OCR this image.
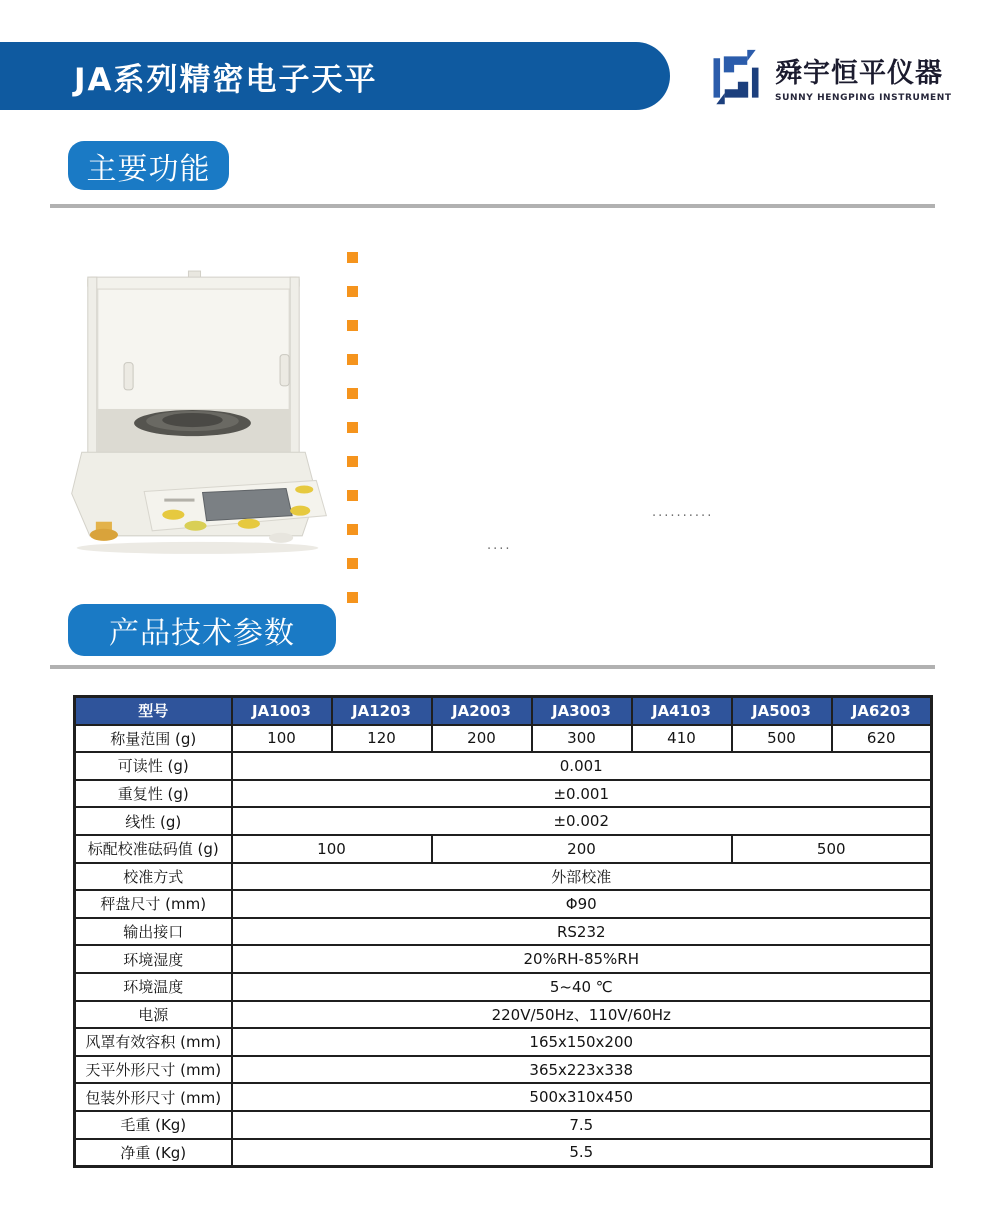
JA系列精密电子天平	舜宇恒平仪器
SUNNY HENGPING INSTRUMENT
主要功能
··········
····
产品技术参数
型号	JA1003	JA1203	JA2003	JA3003	JA4103	JA5003	JA6203
称量范围 (g)	100	120	200	300	410	500	620
可读性 (g)	0.001						
重复性 (g)	±0.001						
线性 (g)	±0.002						
标配校准砝码值 (g)	100		200			500	
校准方式	外部校准						
秤盘尺寸 (mm)	Φ90						
输出接口	RS232						
环境湿度	20%RH-85%RH						
环境温度	5~40 ℃						
电源	220V/50Hz、110V/60Hz						
风罩有效容积 (mm)	165x150x200						
天平外形尺寸 (mm)	365x223x338						
包装外形尺寸 (mm)	500x310x450						
毛重 (Kg)	7.5						
净重 (Kg)	5.5						
